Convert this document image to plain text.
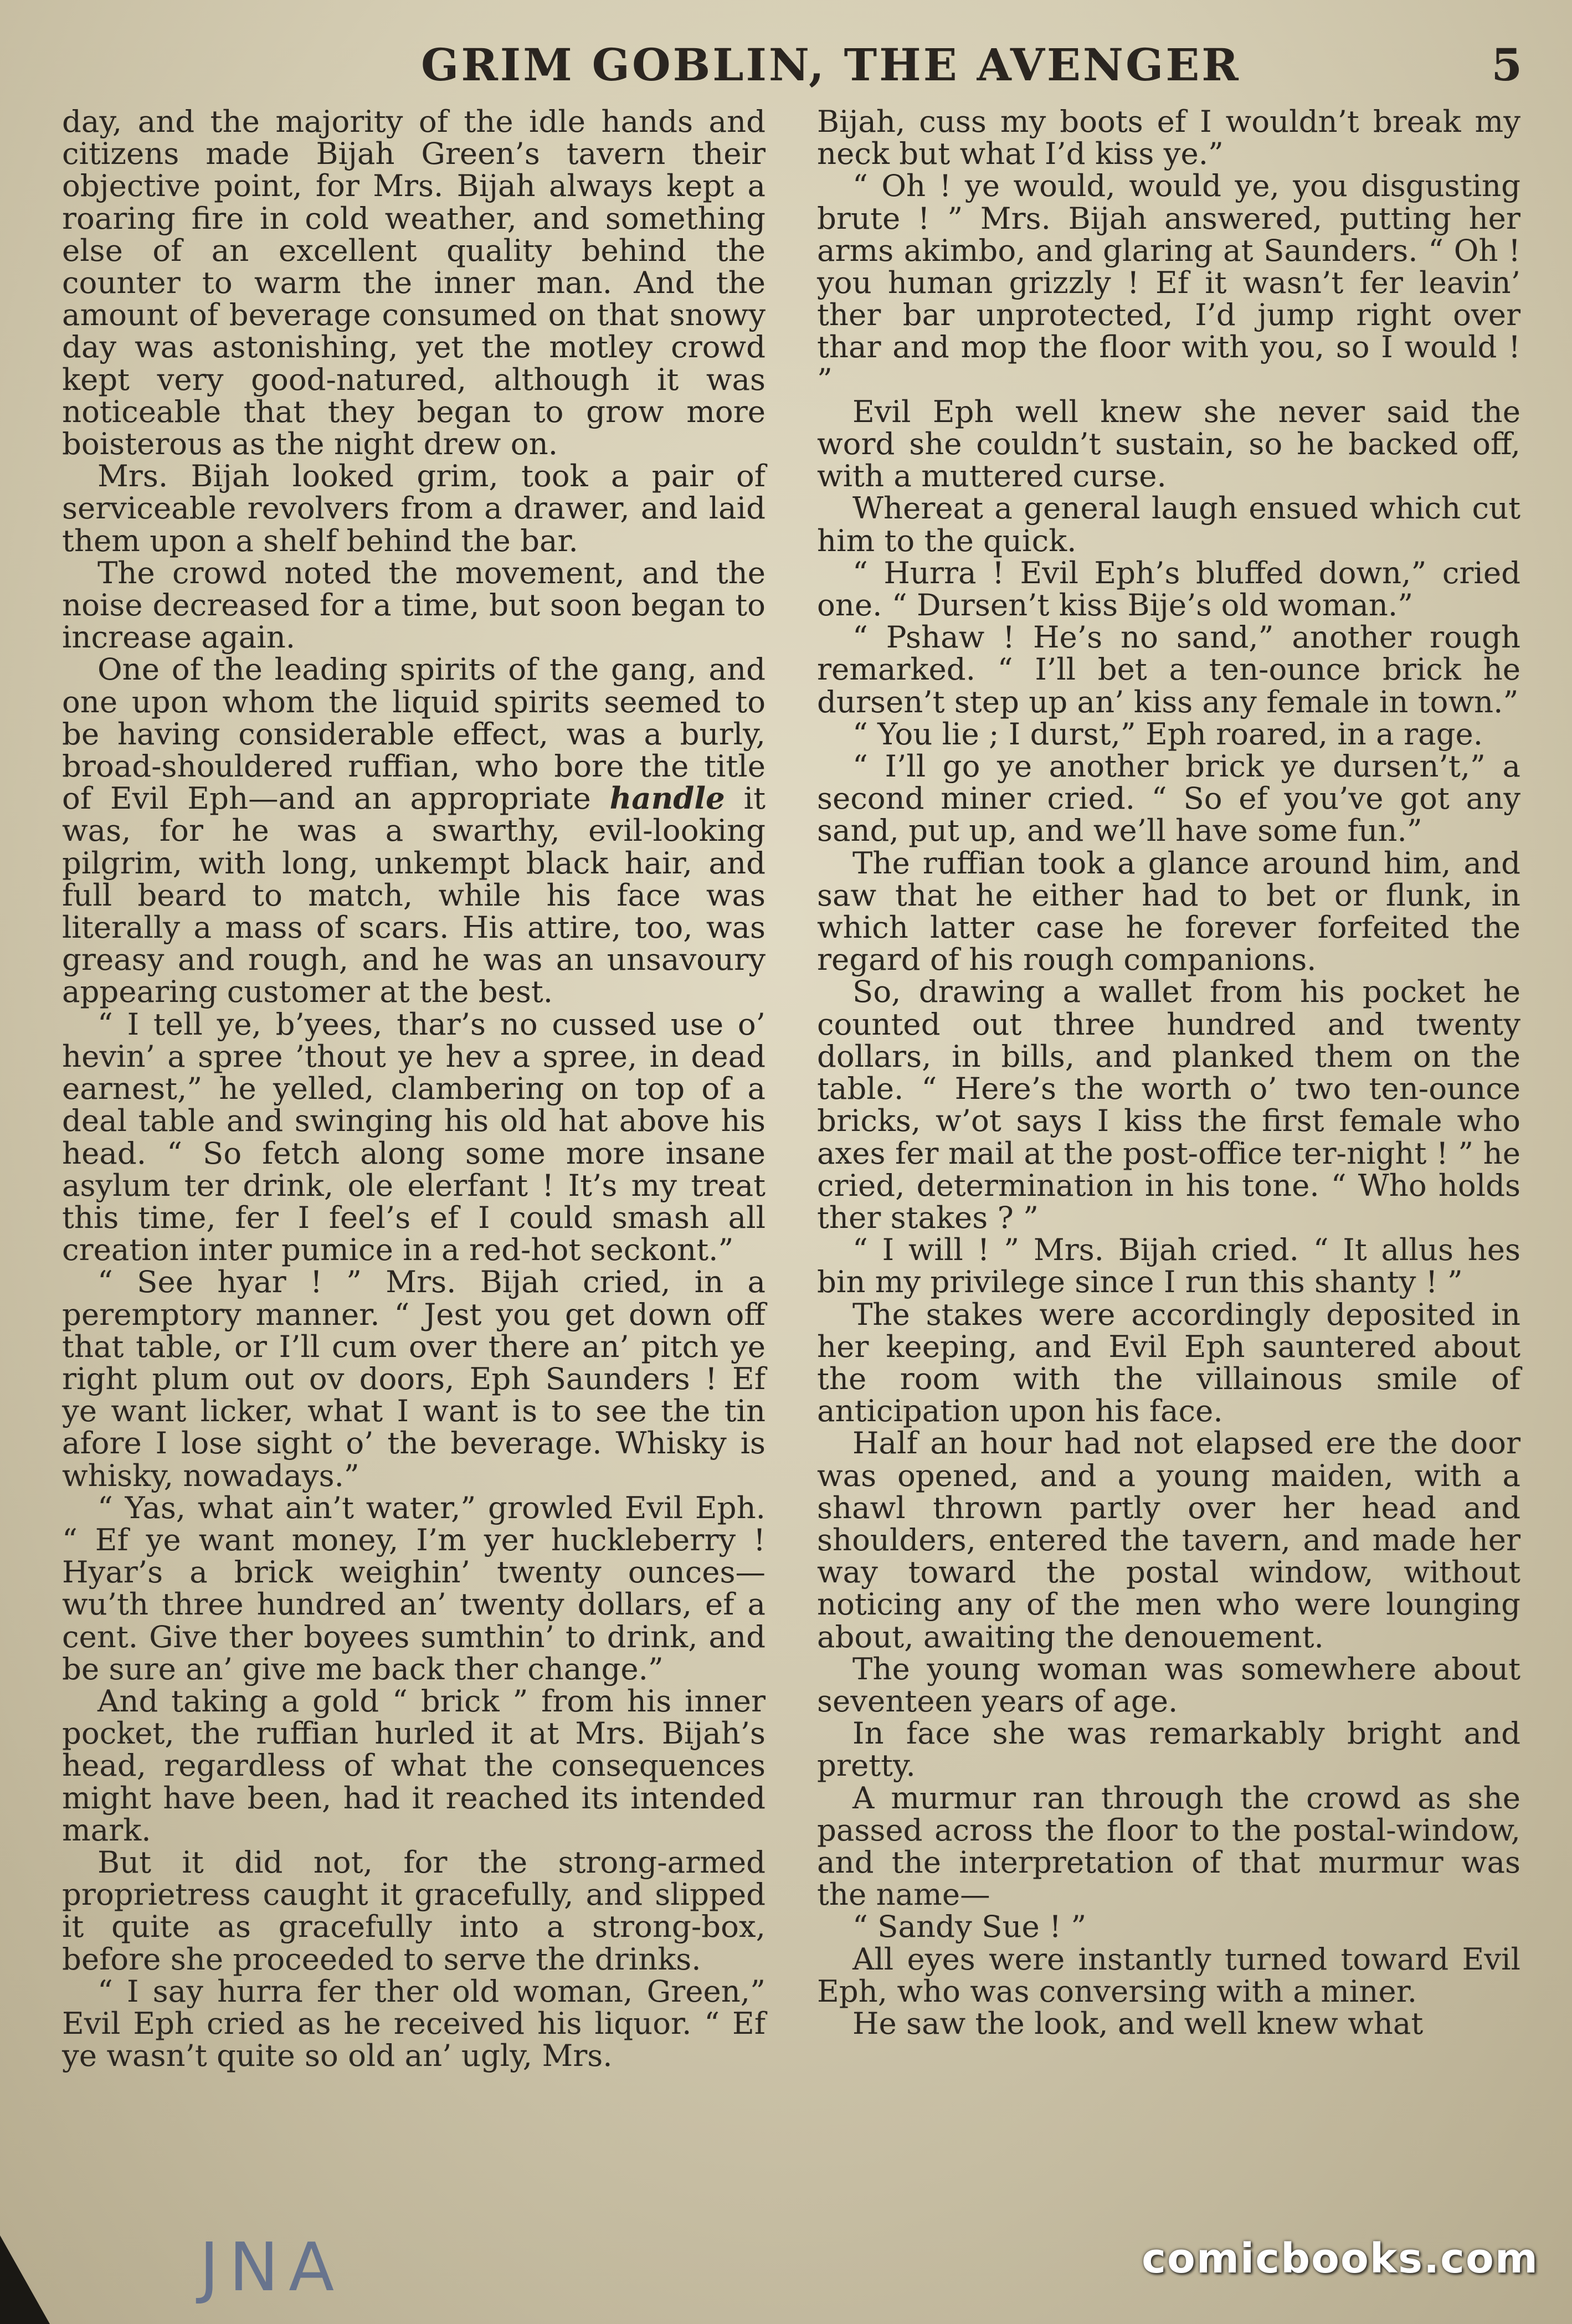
GRIM GOBLIN, THE AVENGER	5

day, and the majority of the idle hands and citizens made Bijah Green’s tavern their objective point, for Mrs. Bijah always kept a roaring fire in cold weather, and something else of an excellent quality behind the counter to warm the inner man. And the amount of beverage consumed on that snowy day was astonishing, yet the motley crowd kept very good-natured, although it was noticeable that they began to grow more boisterous as the night drew on.

Mrs. Bijah looked grim, took a pair of serviceable revolvers from a drawer, and laid them upon a shelf behind the bar.

The crowd noted the movement, and the noise decreased for a time, but soon began to increase again.

One of the leading spirits of the gang, and one upon whom the liquid spirits seemed to be having considerable effect, was a burly, broad-shouldered ruffian, who bore the title of Evil Eph—and an appropriate handle it was, for he was a swarthy, evil-looking pilgrim, with long, unkempt black hair, and full beard to match, while his face was literally a mass of scars. His attire, too, was greasy and rough, and he was an unsavoury appearing customer at the best.

“ I tell ye, b’yees, thar’s no cussed use o’ hevin’ a spree ’thout ye hev a spree, in dead earnest,” he yelled, clambering on top of a deal table and swinging his old hat above his head. “ So fetch along some more insane asylum ter drink, ole elerfant ! It’s my treat this time, fer I feel’s ef I could smash all creation inter pumice in a red-hot seckont.”

“ See hyar ! ” Mrs. Bijah cried, in a peremptory manner. “ Jest you get down off that table, or I’ll cum over there an’ pitch ye right plum out ov doors, Eph Saunders ! Ef ye want licker, what I want is to see the tin afore I lose sight o’ the beverage. Whisky is whisky, nowadays.”

“ Yas, what ain’t water,” growled Evil Eph. “ Ef ye want money, I’m yer huckleberry ! Hyar’s a brick weighin’ twenty ounces—wu’th three hundred an’ twenty dollars, ef a cent. Give ther boyees sumthin’ to drink, and be sure an’ give me back ther change.”

And taking a gold “ brick ” from his inner pocket, the ruffian hurled it at Mrs. Bijah’s head, regardless of what the consequences might have been, had it reached its intended mark.

But it did not, for the strong-armed proprietress caught it gracefully, and slipped it quite as gracefully into a strong-box, before she proceeded to serve the drinks.

“ I say hurra fer ther old woman, Green,” Evil Eph cried as he received his liquor. “ Ef ye wasn’t quite so old an’ ugly, Mrs.

Bijah, cuss my boots ef I wouldn’t break my neck but what I’d kiss ye.”

“ Oh ! ye would, would ye, you disgusting brute ! ” Mrs. Bijah answered, putting her arms akimbo, and glaring at Saunders. “ Oh ! you human grizzly ! Ef it wasn’t fer leavin’ ther bar unprotected, I’d jump right over thar and mop the floor with you, so I would ! ”

Evil Eph well knew she never said the word she couldn’t sustain, so he backed off, with a muttered curse.

Whereat a general laugh ensued which cut him to the quick.

“ Hurra ! Evil Eph’s bluffed down,” cried one. “ Dursen’t kiss Bije’s old woman.”

“ Pshaw ! He’s no sand,” another rough remarked. “ I’ll bet a ten-ounce brick he dursen’t step up an’ kiss any female in town.”

“ You lie ; I durst,” Eph roared, in a rage.

“ I’ll go ye another brick ye dursen’t,” a second miner cried. “ So ef you’ve got any sand, put up, and we’ll have some fun.”

The ruffian took a glance around him, and saw that he either had to bet or flunk, in which latter case he forever forfeited the regard of his rough companions.

So, drawing a wallet from his pocket he counted out three hundred and twenty dollars, in bills, and planked them on the table. “ Here’s the worth o’ two ten-ounce bricks, w’ot says I kiss the first female who axes fer mail at the post-office ter-night ! ” he cried, determination in his tone. “ Who holds ther stakes ? ”

“ I will ! ” Mrs. Bijah cried. “ It allus hes bin my privilege since I run this shanty ! ”

The stakes were accordingly deposited in her keeping, and Evil Eph sauntered about the room with the villainous smile of anticipation upon his face.

Half an hour had not elapsed ere the door was opened, and a young maiden, with a shawl thrown partly over her head and shoulders, entered the tavern, and made her way toward the postal window, without noticing any of the men who were lounging about, awaiting the denouement.

The young woman was somewhere about seventeen years of age.

In face she was remarkably bright and pretty.

A murmur ran through the crowd as she passed across the floor to the postal-window, and the interpretation of that murmur was the name—

“ Sandy Sue ! ”

All eyes were instantly turned toward Evil Eph, who was conversing with a miner.

He saw the look, and well knew what

JNA	comicbooks.com
